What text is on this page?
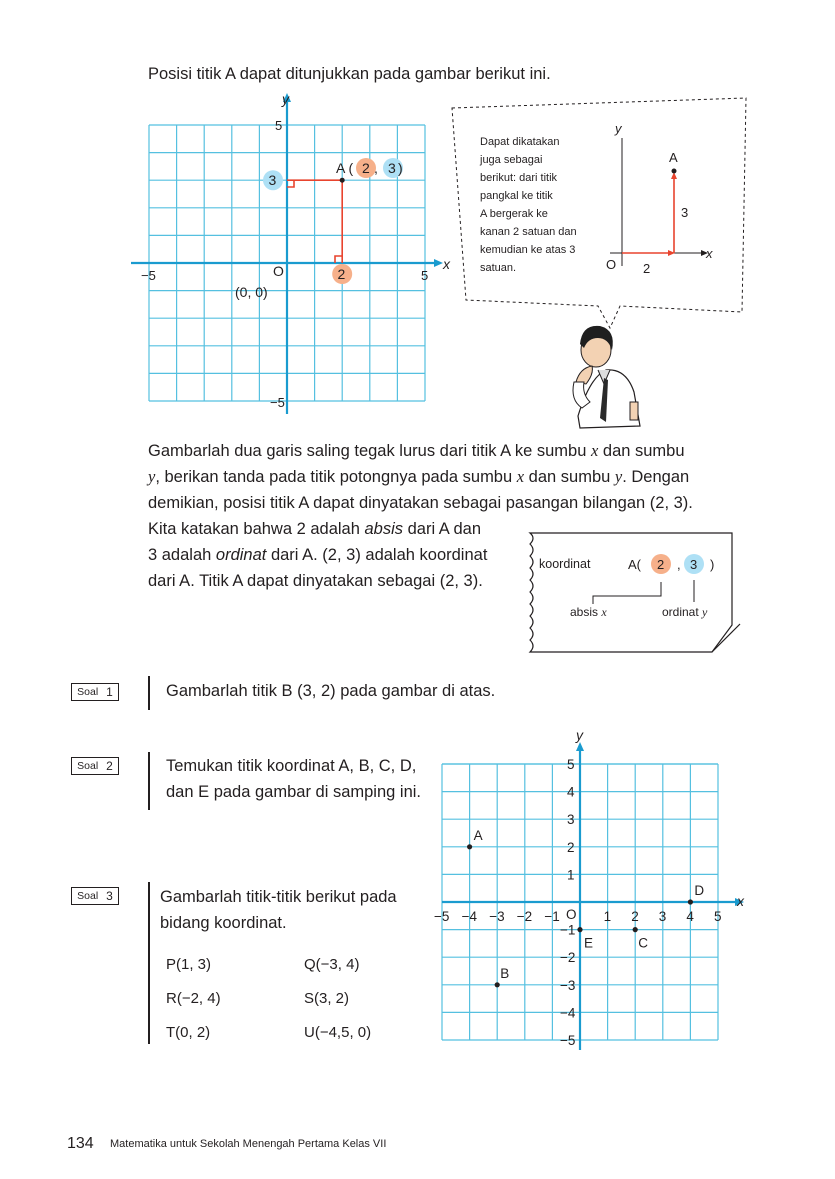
Posisi titik A dapat ditunjukkan pada gambar berikut ini.
A ( 2 , 3 )
2
3
O
(0, 0)
−5	5
5
−5
x
y
A
3
2
O
x
y
Dapat dikatakan
juga sebagai
berikut: dari titik
pangkal ke titik
A bergerak ke
kanan 2 satuan dan
kemudian ke atas 3
satuan.
Gambarlah dua garis saling tegak lurus dari titik A ke sumbu x dan sumbu
y, berikan tanda pada titik potongnya pada sumbu x dan sumbu y. Dengan
demikian, posisi titik A dapat dinyatakan sebagai pasangan bilangan (2, 3).
Kita katakan bahwa 2 adalah absis dari A dan
3 adalah ordinat dari A. (2, 3) adalah koordinat
dari A. Titik A dapat dinyatakan sebagai (2, 3).
koordinat	A( 2 , 3 )
absis x	ordinat y
Soal 1	Gambarlah titik B (3, 2) pada gambar di atas.
Soal 2	Temukan titik koordinat A, B, C, D,
dan E pada gambar di samping ini.
Soal 3	Gambarlah titik-titik berikut pada
bidang koordinat.
P(1, 3)	Q(−3, 4)
R(−2, 4)	S(3, 2)
T(0, 2)	U(−4,5, 0)
−5 −4 −3 −2 −1	1 2 3 4 5
5
4
3
2
1
−1
−2
−3
−4
−5
A
B
C
D
E
O
x
y
134 Matematika untuk Sekolah Menengah Pertama Kelas VII
